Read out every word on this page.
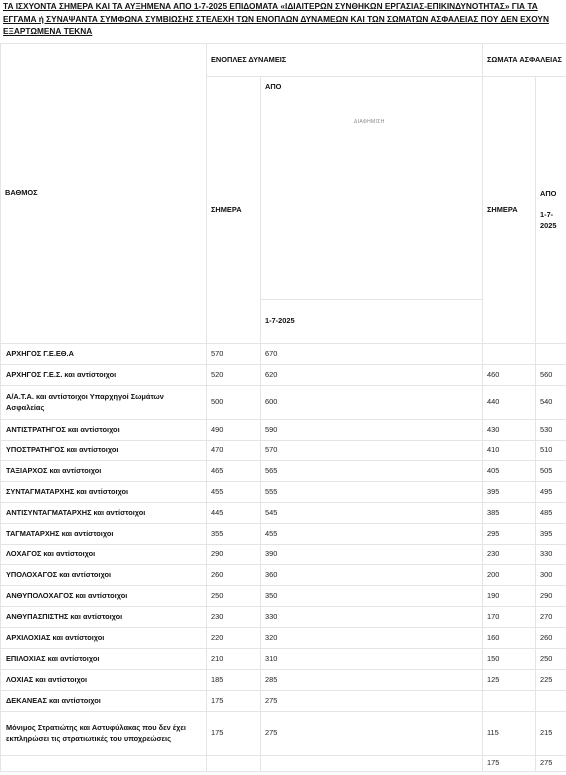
ΤΑ ΙΣΧΥΟΝΤΑ ΣΗΜΕΡΑ ΚΑΙ ΤΑ ΑΥΞΗΜΕΝΑ ΑΠΟ 1-7-2025 ΕΠΙΔΟΜΑΤΑ «ΙΔΙΑΙΤΕΡΩΝ ΣΥΝΘΗΚΩΝ ΕΡΓΑΣΙΑΣ-ΕΠΙΚΙΝΔΥΝΟΤΗΤΑΣ» ΓΙΑ ΤΑ ΕΓΓΑΜΑ ή ΣΥΝΑΨΑΝΤΑ ΣΥΜΦΩΝΑ ΣΥΜΒΙΩΣΗΣ ΣΤΕΛΕΧΗ ΤΩΝ ΕΝΟΠΛΩΝ ΔΥΝΑΜΕΩΝ ΚΑΙ ΤΩΝ ΣΩΜΑΤΩΝ ΑΣΦΑΛΕΙΑΣ ΠΟΥ ΔΕΝ ΕΧΟΥΝ ΕΞΑΡΤΩΜΕΝΑ ΤΕΚΝΑ
ΒΑΘΜΟΣ	ΕΝΟΠΛΕΣ ΔΥΝΑΜΕΙΣ		ΣΩΜΑΤΑ ΑΣΦΑΛΕΙΑΣ	
	ΣΗΜΕΡΑ	ΑΠΟ	ΣΗΜΕΡΑ	ΑΠΟ

1-7-2025
		1-7-2025		
ΑΡΧΗΓΟΣ Γ.Ε.ΕΘ.Α	570	670		
ΑΡΧΗΓΟΣ Γ.Ε.Σ. και αντίστοιχοι	520	620	460	560
Α/Α.Τ.Α. και αντίστοιχοι Υπαρχηγοί Σωμάτων Ασφαλείας	500	600	440	540
ΑΝΤΙΣΤΡΑΤΗΓΟΣ και αντίστοιχοι	490	590	430	530
ΥΠΟΣΤΡΑΤΗΓΟΣ και αντίστοιχοι	470	570	410	510
ΤΑΞΙΑΡΧΟΣ και αντίστοιχοι	465	565	405	505
ΣΥΝΤΑΓΜΑΤΑΡΧΗΣ και αντίστοιχοι	455	555	395	495
ΑΝΤΙΣΥΝΤΑΓΜΑΤΑΡΧΗΣ και αντίστοιχοι	445	545	385	485
ΤΑΓΜΑΤΑΡΧΗΣ και αντίστοιχοι	355	455	295	395
ΛΟΧΑΓΟΣ και αντίστοιχοι	290	390	230	330
ΥΠΟΛΟΧΑΓΟΣ και αντίστοιχοι	260	360	200	300
ΑΝΘΥΠΟΛΟΧΑΓΟΣ και αντίστοιχοι	250	350	190	290
ΑΝΘΥΠΑΣΠΙΣΤΗΣ και αντίστοιχοι	230	330	170	270
ΑΡΧΙΛΟΧΙΑΣ και αντίστοιχοι	220	320	160	260
ΕΠΙΛΟΧΙΑΣ και αντίστοιχοι	210	310	150	250
ΛΟΧΙΑΣ και αντίστοιχοι	185	285	125	225
ΔΕΚΑΝΕΑΣ και αντίστοιχοι	175	275		
Μόνιμος Στρατιώτης και Αστυφύλακας που δεν έχει εκπληρώσει τις στρατιωτικές του υποχρεώσεις	175	275	115	215
			175	275
ΔΙΑΦΗΜΙΣΗ
